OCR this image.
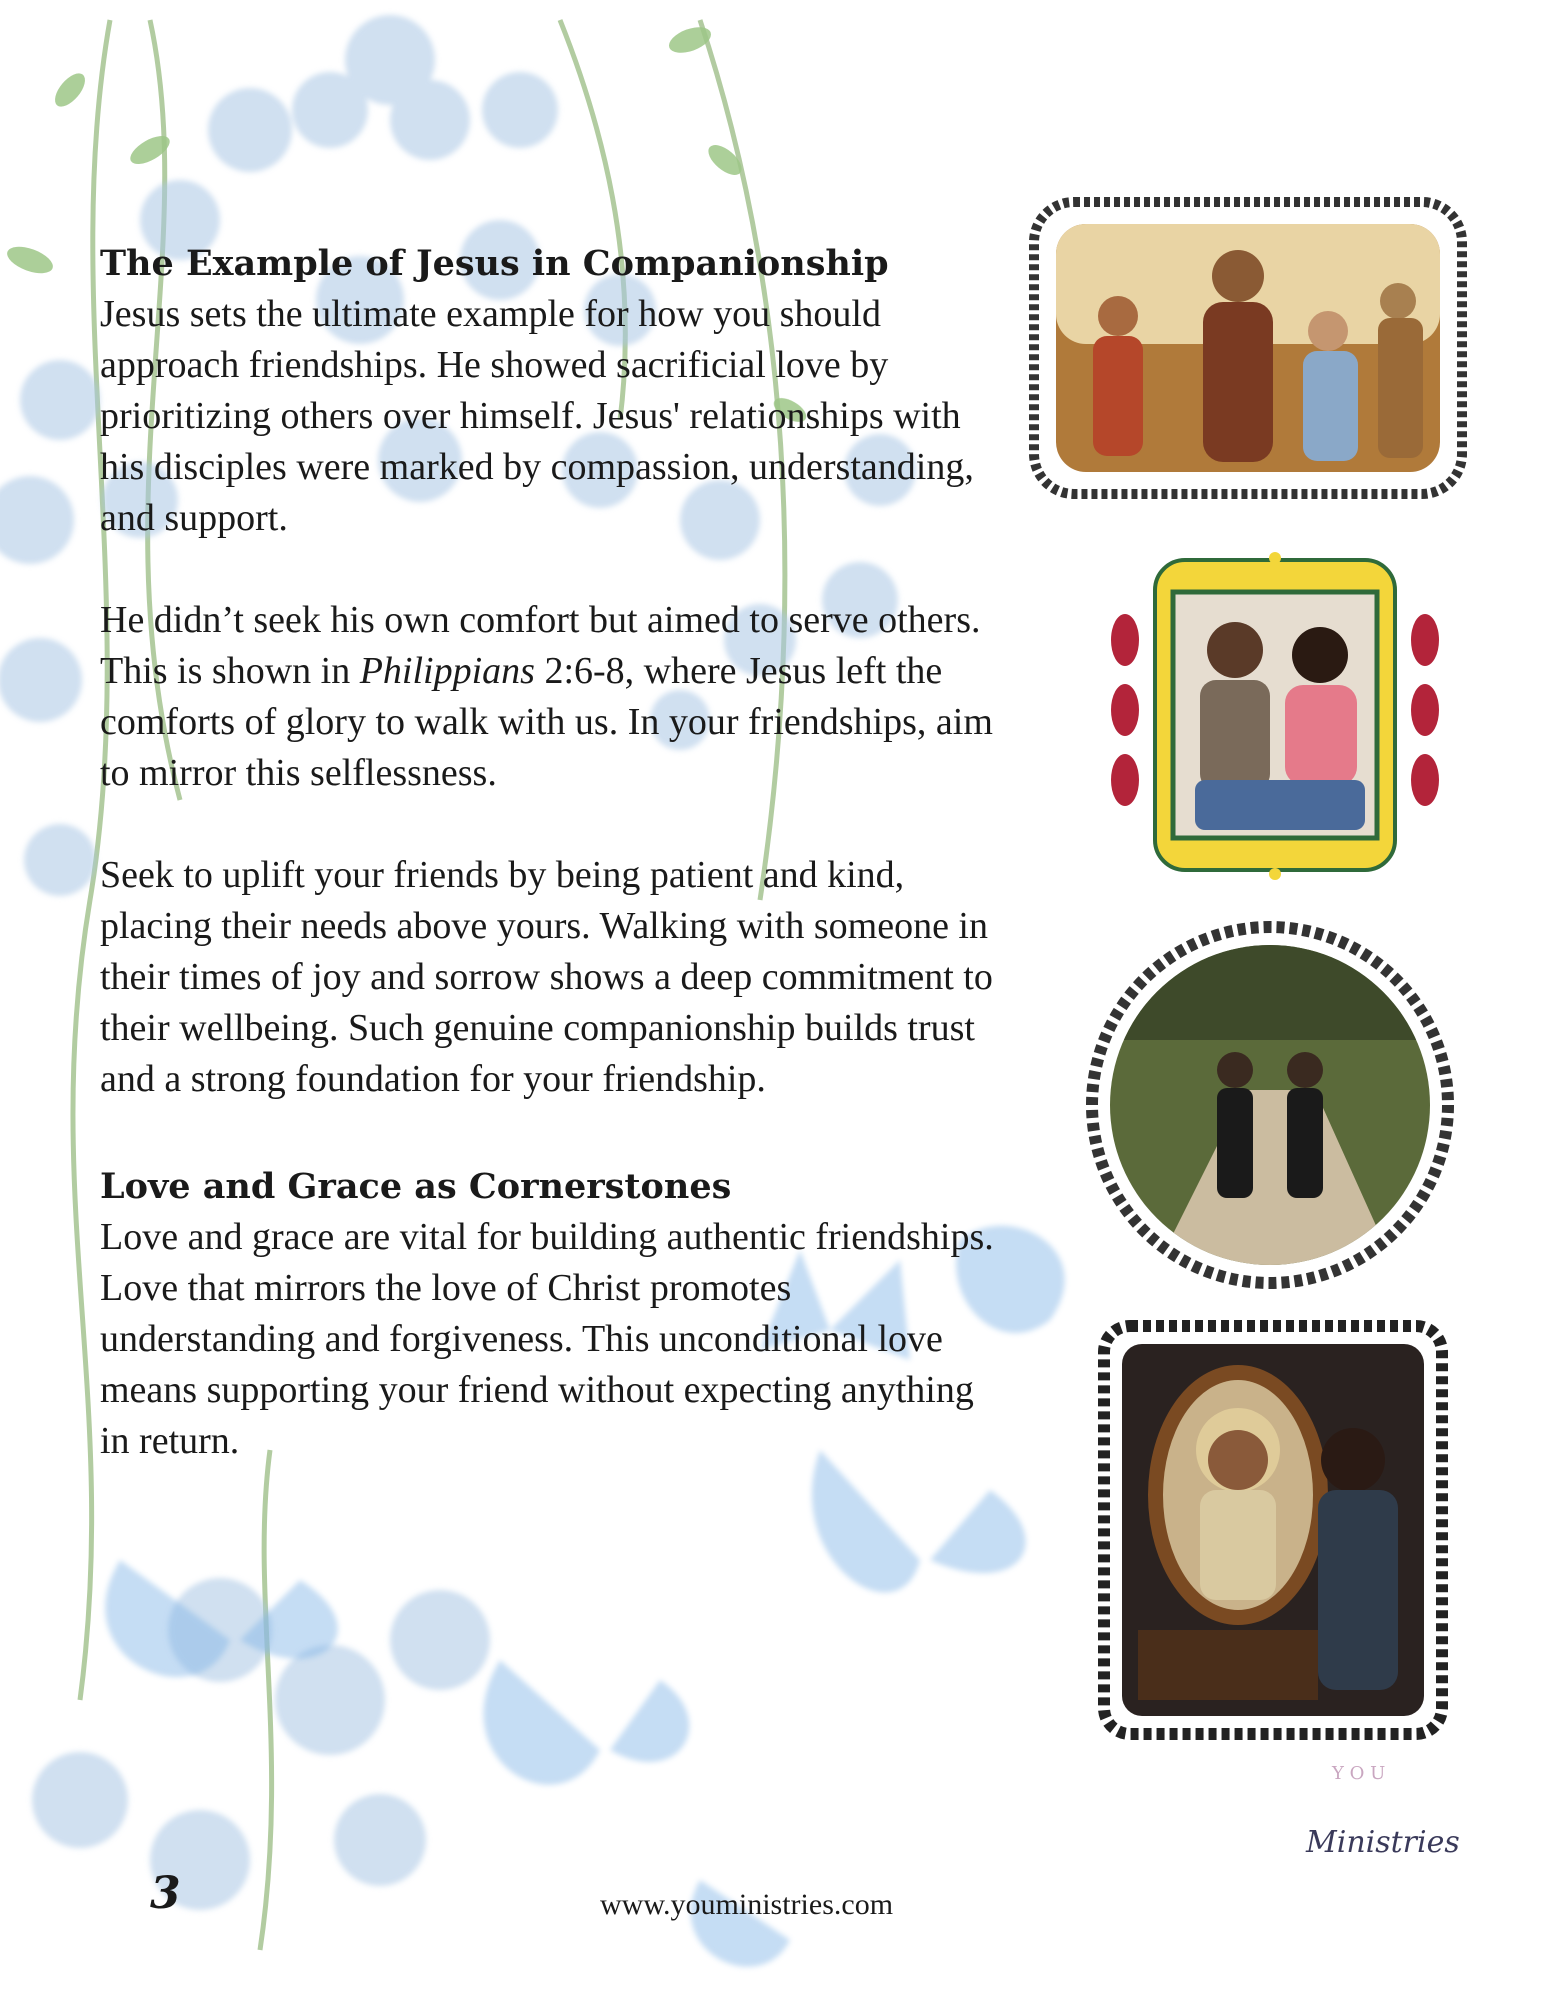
The Example of Jesus in Companionship

Jesus sets the ultimate example for how you should approach friendships. He showed sacrificial love by prioritizing others over himself. Jesus' relationships with his disciples were marked by compassion, understanding, and support.

He didn’t seek his own comfort but aimed to serve others. This is shown in Philippians 2:6-8, where Jesus left the comforts of glory to walk with us. In your friendships, aim to mirror this selflessness.

Seek to uplift your friends by being patient and kind, placing their needs above yours. Walking with someone in their times of joy and sorrow shows a deep commitment to their wellbeing. Such genuine companionship builds trust and a strong foundation for your friendship.

Love and Grace as Cornerstones

Love and grace are vital for building authentic friendships. Love that mirrors the love of Christ promotes understanding and forgiveness. This unconditional love means supporting your friend without expecting anything in return.

Y O U
Ministries
3	www.youministries.com
